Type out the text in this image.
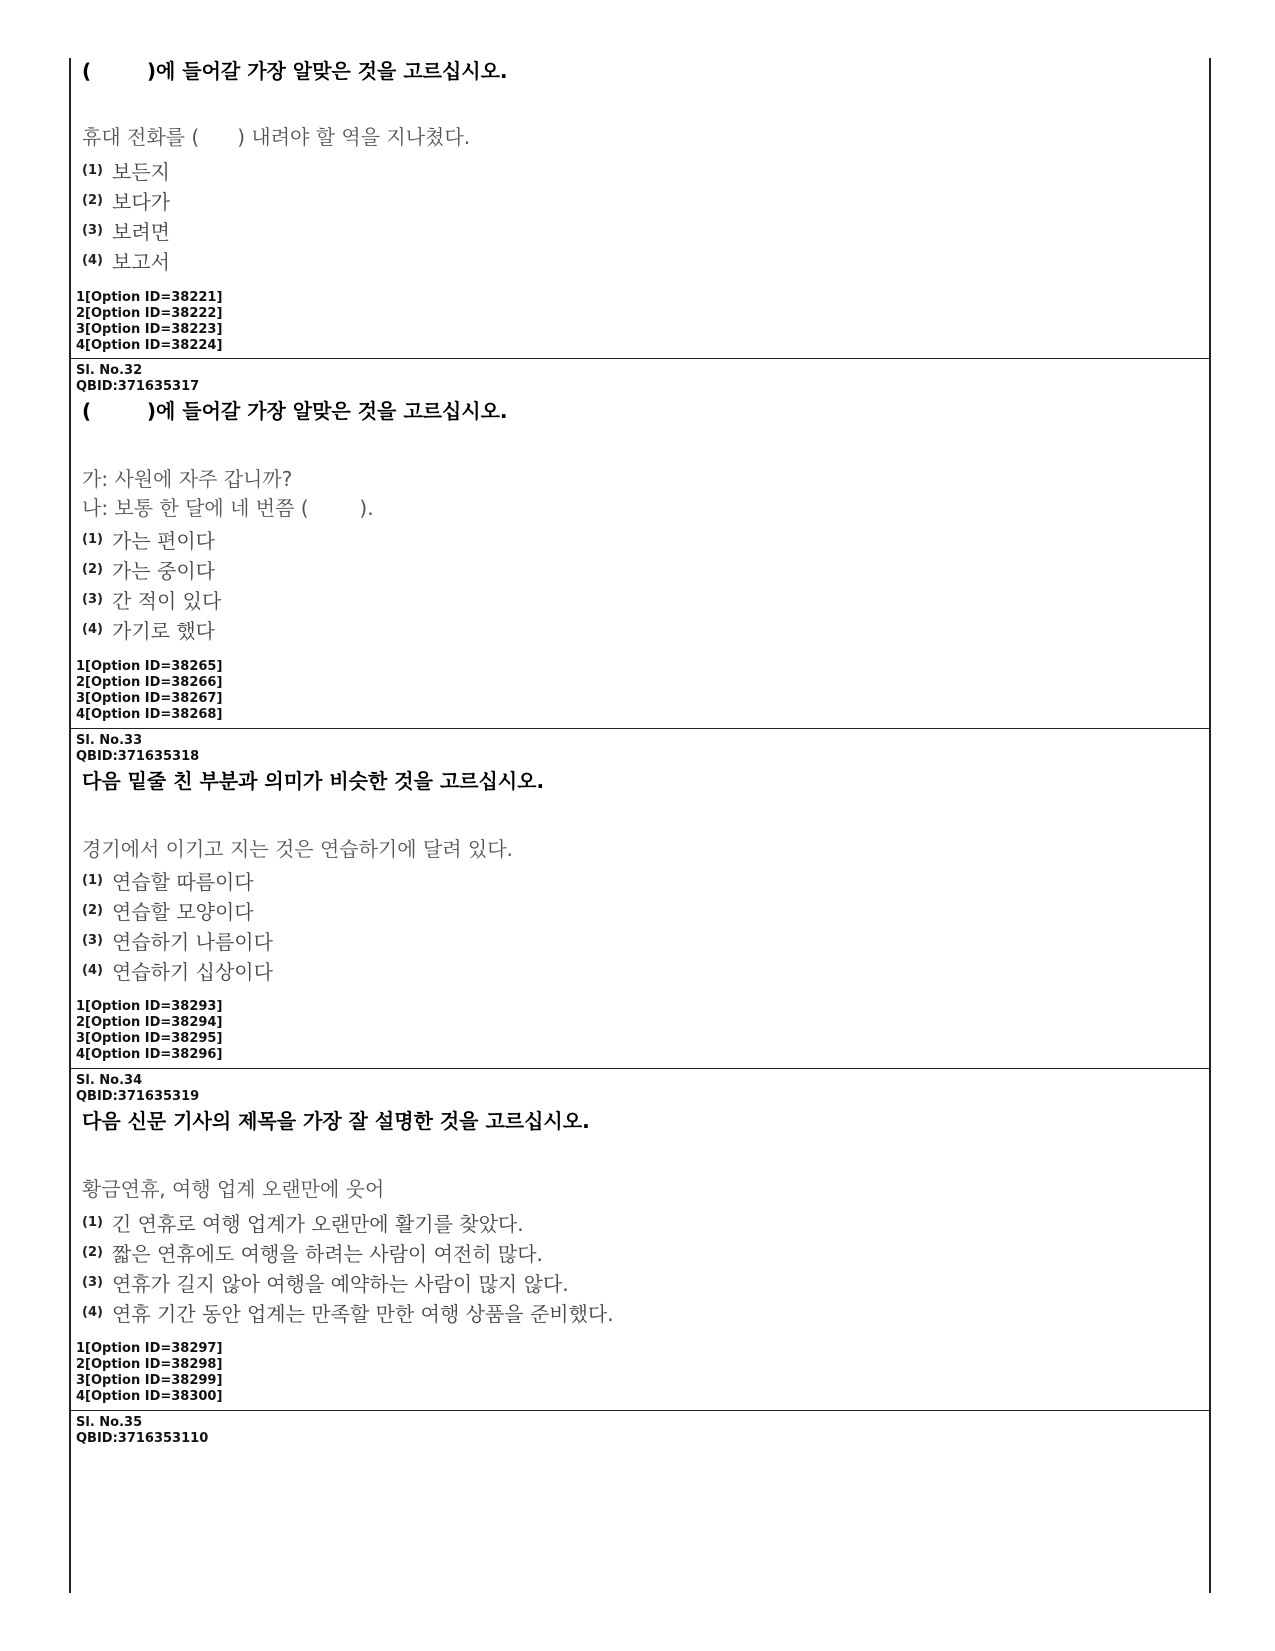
(        )에 들어갈 가장 알맞은 것을 고르십시오.
휴대 전화를 (      ) 내려야 할 역을 지나쳤다.
(1) 보든지
(2) 보다가
(3) 보려면
(4) 보고서
1[Option ID=38221]
2[Option ID=38222]
3[Option ID=38223]
4[Option ID=38224]
Sl. No.32
QBID:371635317
(        )에 들어갈 가장 알맞은 것을 고르십시오.
가: 사원에 자주 갑니까?
나: 보통 한 달에 네 번쯤 (        ).
(1) 가는 편이다
(2) 가는 중이다
(3) 간 적이 있다
(4) 가기로 했다
1[Option ID=38265]
2[Option ID=38266]
3[Option ID=38267]
4[Option ID=38268]
Sl. No.33
QBID:371635318
다음 밑줄 친 부분과 의미가 비슷한 것을 고르십시오.
경기에서 이기고 지는 것은 연습하기에 달려 있다.
(1) 연습할 따름이다
(2) 연습할 모양이다
(3) 연습하기 나름이다
(4) 연습하기 십상이다
1[Option ID=38293]
2[Option ID=38294]
3[Option ID=38295]
4[Option ID=38296]
Sl. No.34
QBID:371635319
다음 신문 기사의 제목을 가장 잘 설명한 것을 고르십시오.
황금연휴, 여행 업계 오랜만에 웃어
(1) 긴 연휴로 여행 업계가 오랜만에 활기를 찾았다.
(2) 짧은 연휴에도 여행을 하려는 사람이 여전히 많다.
(3) 연휴가 길지 않아 여행을 예약하는 사람이 많지 않다.
(4) 연휴 기간 동안 업계는 만족할 만한 여행 상품을 준비했다.
1[Option ID=38297]
2[Option ID=38298]
3[Option ID=38299]
4[Option ID=38300]
Sl. No.35
QBID:3716353110
